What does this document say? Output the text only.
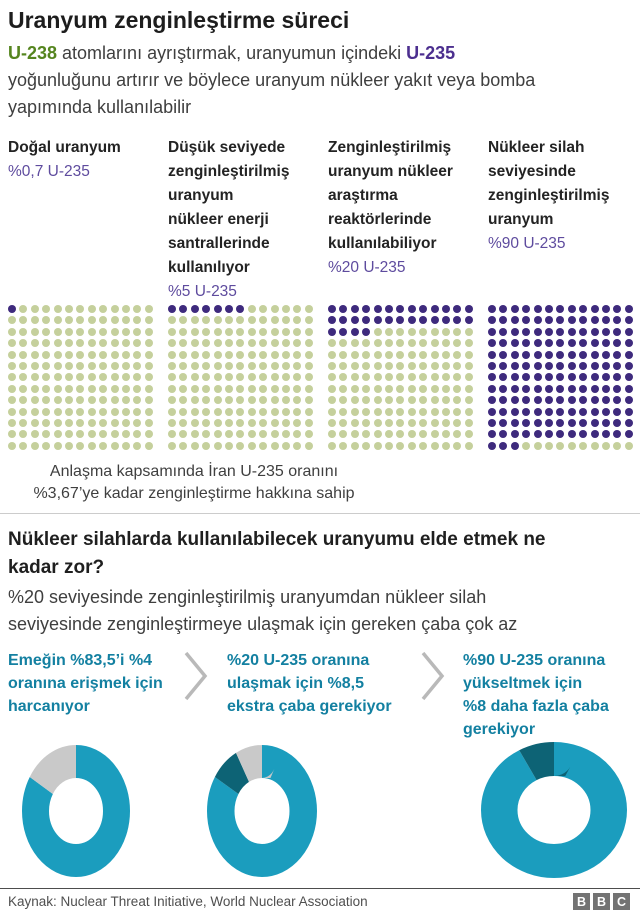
Uranyum zenginleştirme süreci
U-238 atomlarını ayrıştırmak, uranyumun içindeki U-235
yoğunluğunu artırır ve böylece uranyum nükleer yakıt veya bomba
yapımında kullanılabilir
Doğal uranyum
%0,7 U-235
Düşük seviyede
zenginleştirilmiş
uranyum
nükleer enerji
santrallerinde
kullanılıyor
%5 U-235
Zenginleştirilmiş
uranyum nükleer
araştırma
reaktörlerinde
kullanılabiliyor
%20 U-235
Nükleer silah
seviyesinde
zenginleştirilmiş
uranyum
%90 U-235
Anlaşma kapsamında İran U-235 oranını
%3,67’ye kadar zenginleştirme hakkına sahip
Nükleer silahlarda kullanılabilecek uranyumu elde etmek ne
kadar zor?
%20 seviyesinde zenginleştirilmiş uranyumdan nükleer silah
seviyesinde zenginleştirmeye ulaşmak için gereken çaba çok az
Emeğin %83,5’i %4
oranına erişmek için
harcanıyor
%20 U-235 oranına
ulaşmak için %8,5
ekstra çaba gerekiyor
%90 U-235 oranına
yükseltmek için
%8 daha fazla çaba
gerekiyor
Kaynak: Nuclear Threat Initiative, World Nuclear Association	B B C
